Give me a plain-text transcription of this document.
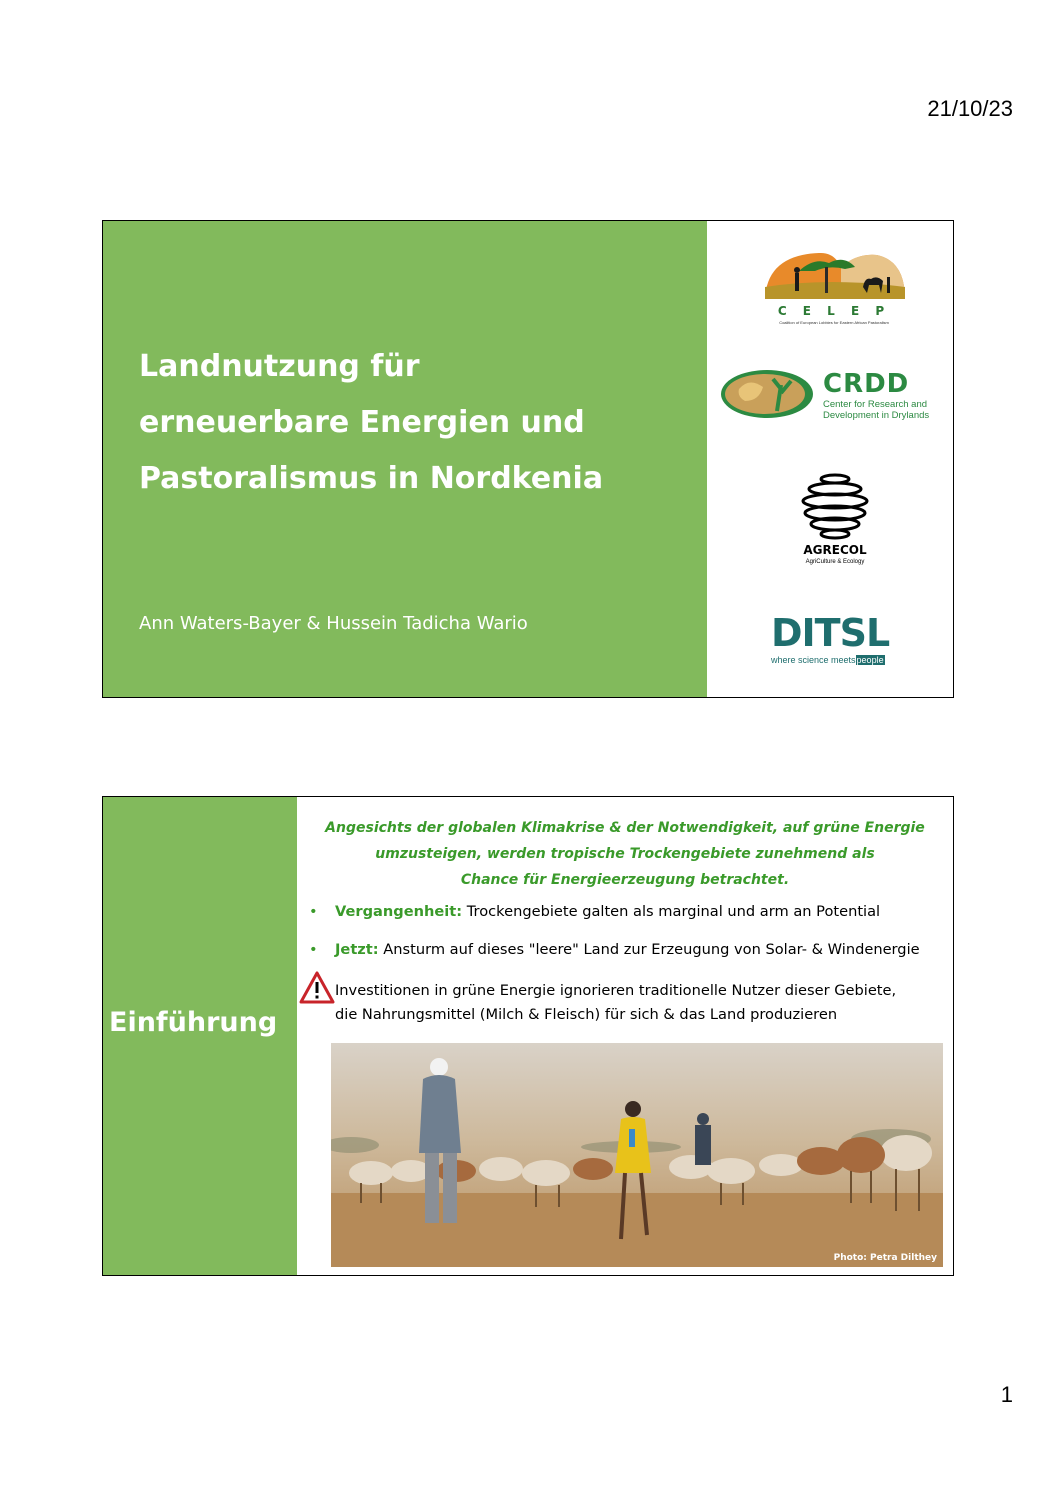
21/10/23
Landnutzung für
erneuerbare Energien und
Pastoralismus in Nordkenia
Ann Waters-Bayer & Hussein Tadicha Wario
C E L E P
Coalition of European Lobbies for Eastern African Pastoralism
CRDD
Center for Research and
Development in Drylands
AGRECOL
AgriCulture & Ecology
DITSL
where science meetspeople
Einführung
Angesichts der globalen Klimakrise & der Notwendigkeit, auf grüne Energie
umzusteigen, werden tropische Trockengebiete zunehmend als
Chance für Energieerzeugung betrachtet.
• Vergangenheit: Trockengebiete galten als marginal und arm an Potential
• Jetzt: Ansturm auf dieses "leere" Land zur Erzeugung von Solar- & Windenergie
Investitionen in grüne Energie ignorieren traditionelle Nutzer dieser Gebiete,
die Nahrungsmittel (Milch & Fleisch) für sich & das Land produzieren
Photo: Petra Dilthey
1
